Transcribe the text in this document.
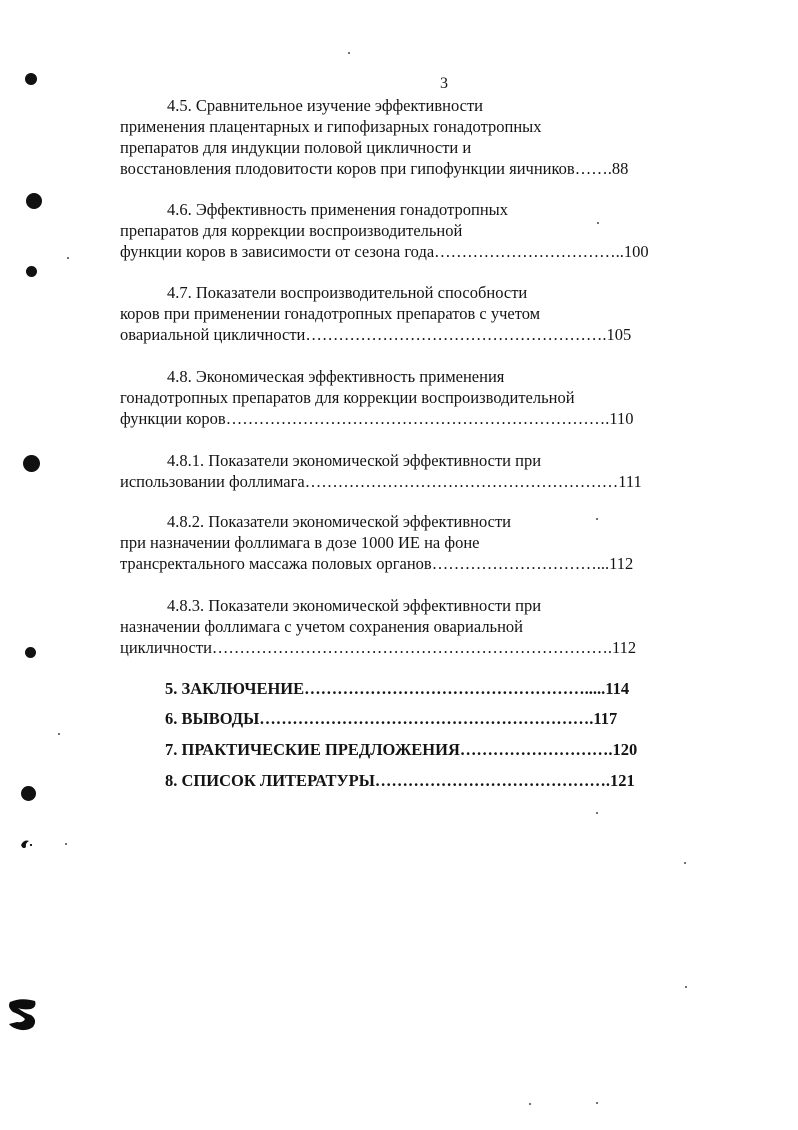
3

4.5. Сравнительное изучение эффективности

применения плацентарных и гипофизарных гонадотропных

препаратов для индукции половой цикличности и

восстановления плодовитости коров при гипофункции яичников…….88

4.6. Эффективность применения гонадотропных

препаратов для коррекции воспроизводительной

функции коров в зависимости от сезона года……………………………..100

4.7. Показатели воспроизводительной способности

коров при применении гонадотропных препаратов с учетом

овариальной цикличности……………………………………………….105

4.8. Экономическая эффективность применения

гонадотропных препаратов для коррекции воспроизводительной

функции коров…………………………………………………………….110

4.8.1. Показатели экономической эффективности при

использовании фоллимага…………………………………………………111

4.8.2. Показатели экономической эффективности

при назначении фоллимага в дозе 1000 ИЕ на фоне

трансректального массажа половых органов…………………………...112

4.8.3. Показатели экономической эффективности при

назначении фоллимага с учетом сохранения овариальной

цикличности……………………………………………………………….112

5. ЗАКЛЮЧЕНИЕ…………………………………………….....114

6. ВЫВОДЫ…………………………………………………….117

7. ПРАКТИЧЕСКИЕ ПРЕДЛОЖЕНИЯ……………………….120

8. СПИСОК ЛИТЕРАТУРЫ…………………………………….121
